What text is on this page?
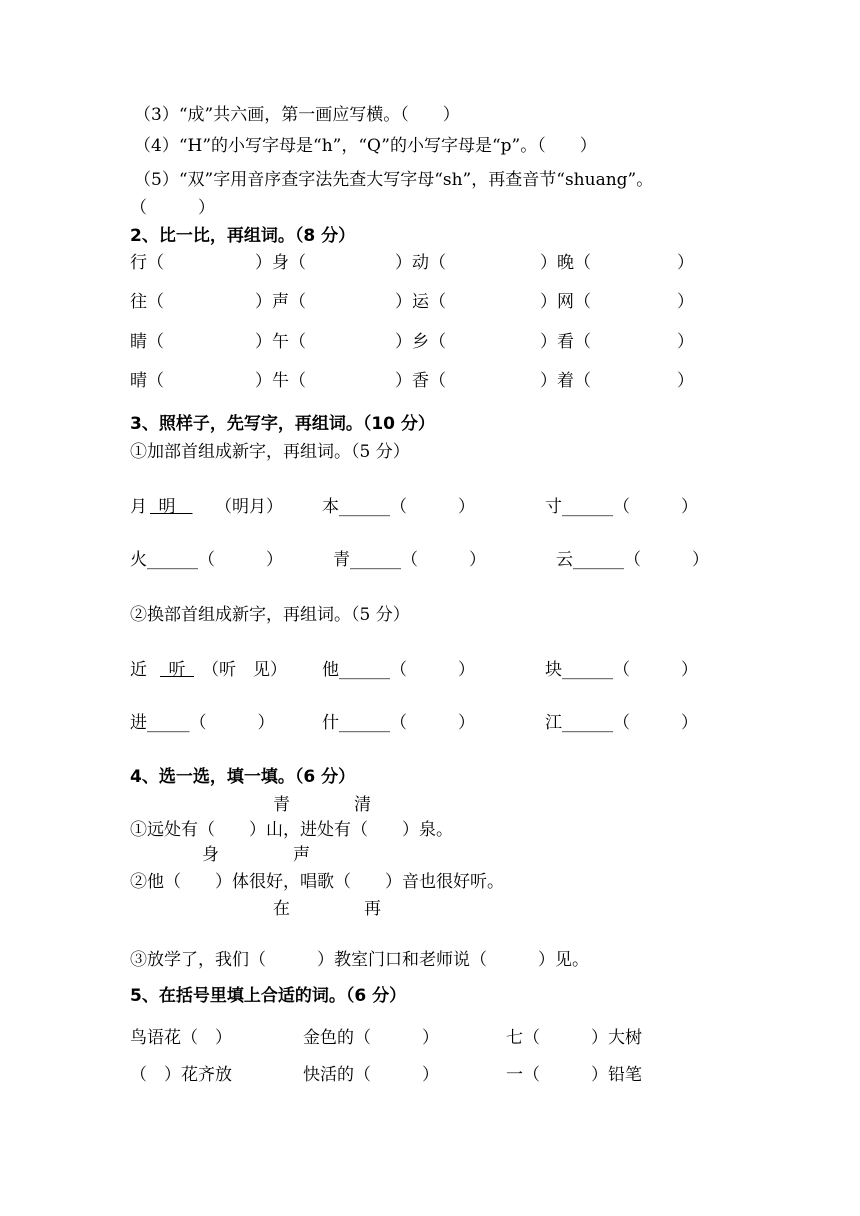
（3）“成”共六画，第一画应写横。（　　）
（4）“H”的小写字母是“h”，“Q”的小写字母是“p”。（　　）
（5）“双”字用音序查字法先查大写字母“sh”，再查音节“shuang”。
（　　　）
2、比一比，再组词。（8 分）
行（	）身（	）动（	）晚（	）
往（	）声（	）运（	）网（	）
睛（	）午（	）乡（	）看（	）
晴（	）牛（	）香（	）着（	）
3、照样子，先写字，再组词。（10 分）
①加部首组成新字，再组词。（5 分）
月
  明  	（明月） 本______（　　　）	寸______（　　　）
火______（　　　）	青______（　　　）	云______（　　　）
②换部首组成新字，再组词。（5 分）
近
 	听  （听　见） 他______（　　　）	块______（　　　）
进_____（　　　）	什______（　　　）	江______（　　　）
4、选一选，填一填。（6 分）
青	清
①远处有（　　）山，进处有（　　）泉。
身	声
②他（　　）体很好，唱歌（　　）音也很好听。
在	再
③放学了，我们（　　　）教室门口和老师说（　　　）见。
5、在括号里填上合适的词。（6 分）
鸟语花（　）	金色的（　　　）	七（　　　）大树
（　）花齐放	快活的（　　　）	一（　　　）铅笔
